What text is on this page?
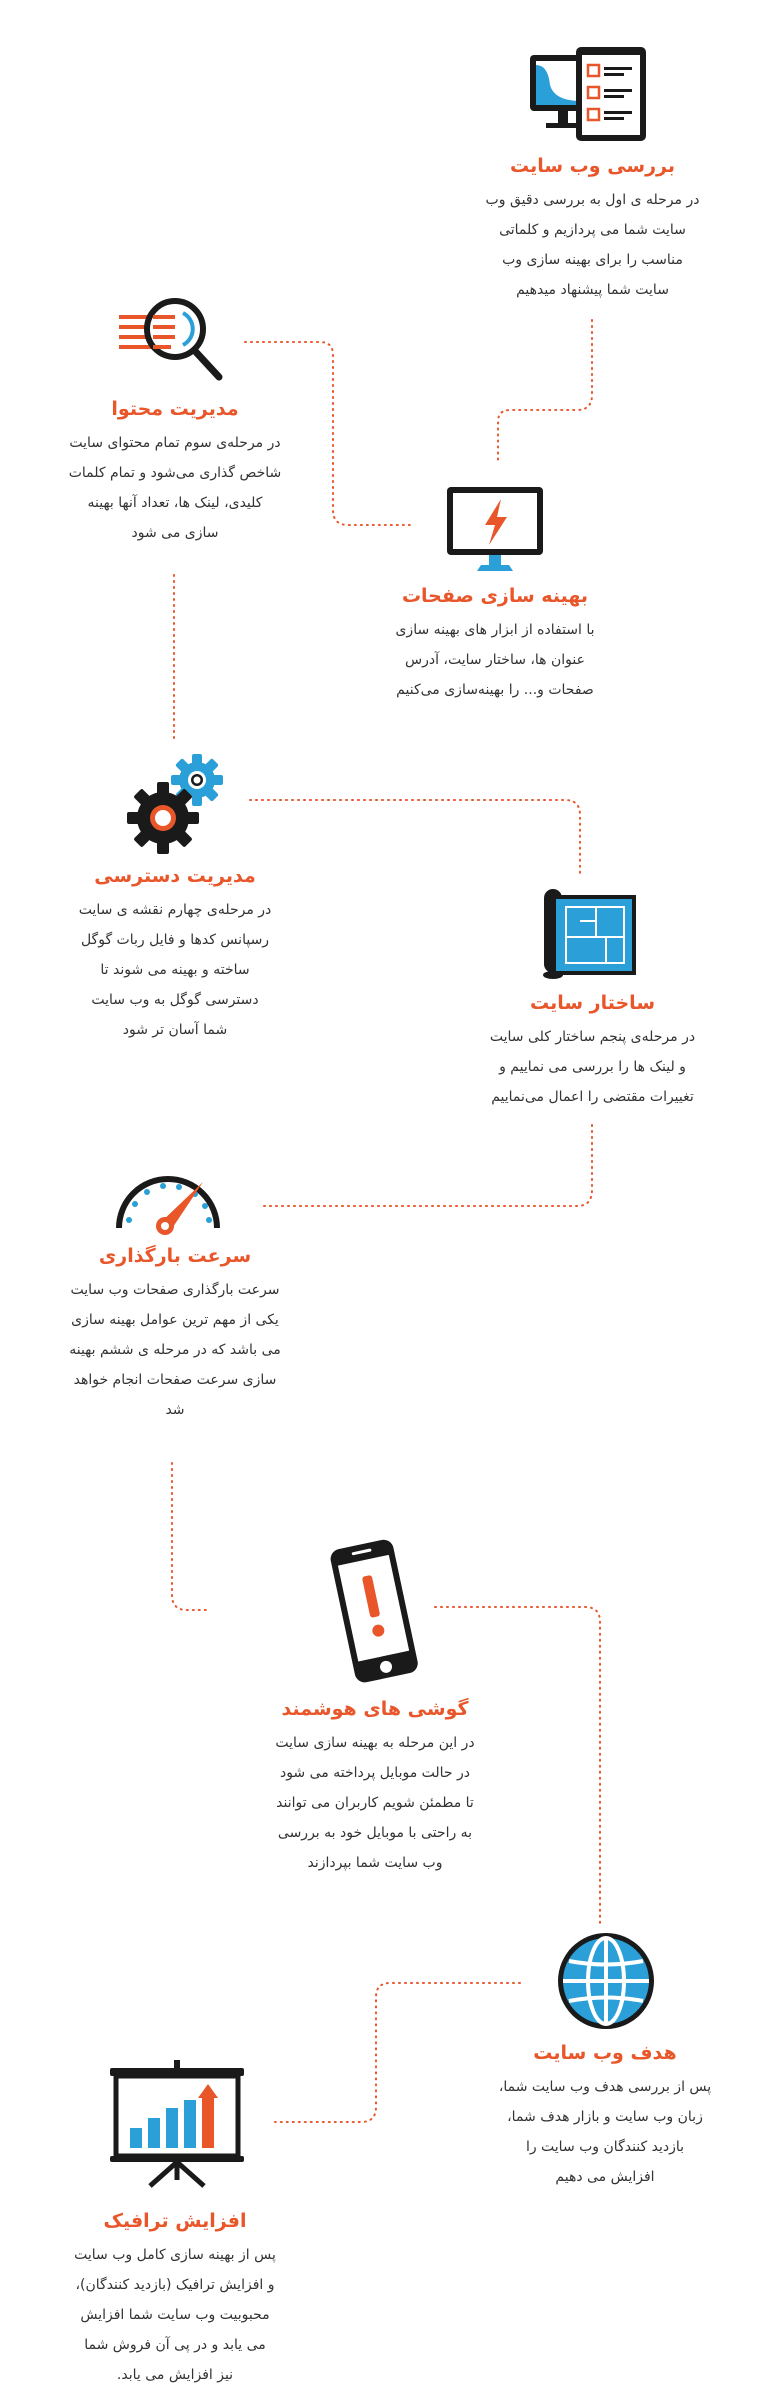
بررسی وب سایت

در مرحله ی اول به بررسی دقیق وب
سایت شما می پردازیم و کلماتی
مناسب را برای بهینه سازی وب
سایت شما پیشنهاد میدهیم

مدیریت محتوا

در مرحله‌ی سوم تمام محتوای سایت
شاخص گذاری می‌شود و تمام کلمات
کلیدی، لینک ها، تعداد آنها بهینه
سازی می شود

بهینه سازی صفحات

با استفاده از ابزار های بهینه سازی
عنوان ها، ساختار سایت، آدرس
صفحات و... را بهینه‌سازی می‌کنیم

مدیریت دسترسی

در مرحله‌ی چهارم نقشه ی سایت
رسپانس کدها و فایل ربات گوگل
ساخته و بهینه می شوند تا
دسترسی گوگل به وب سایت
شما آسان تر شود

ساختار سایت

در مرحله‌ی پنجم ساختار کلی سایت
و لینک ها را بررسی می نماییم و
تغییرات مقتضی را اعمال می‌نماییم

سرعت بارگذاری

سرعت بارگذاری صفحات وب سایت
یکی از مهم ترین عوامل بهینه سازی
می باشد که در مرحله ی ششم بهینه
سازی سرعت صفحات انجام خواهد
شد

گوشی های هوشمند

در این مرحله به بهینه سازی سایت
در حالت موبایل پرداخته می شود
تا مطمئن شویم کاربران می توانند
به راحتی با موبایل خود به بررسی
وب سایت شما بپردازند

هدف وب سایت

پس از بررسی هدف وب سایت شما،
زبان وب سایت و بازار هدف شما،
بازدید کنندگان وب سایت را
افزایش می دهیم

افزایش ترافیک

پس از بهینه سازی کامل وب سایت
و افزایش ترافیک (بازدید کنندگان)،
محبوبیت وب سایت شما افزایش
می یابد و در پی آن فروش شما
نیز افزایش می یابد.
